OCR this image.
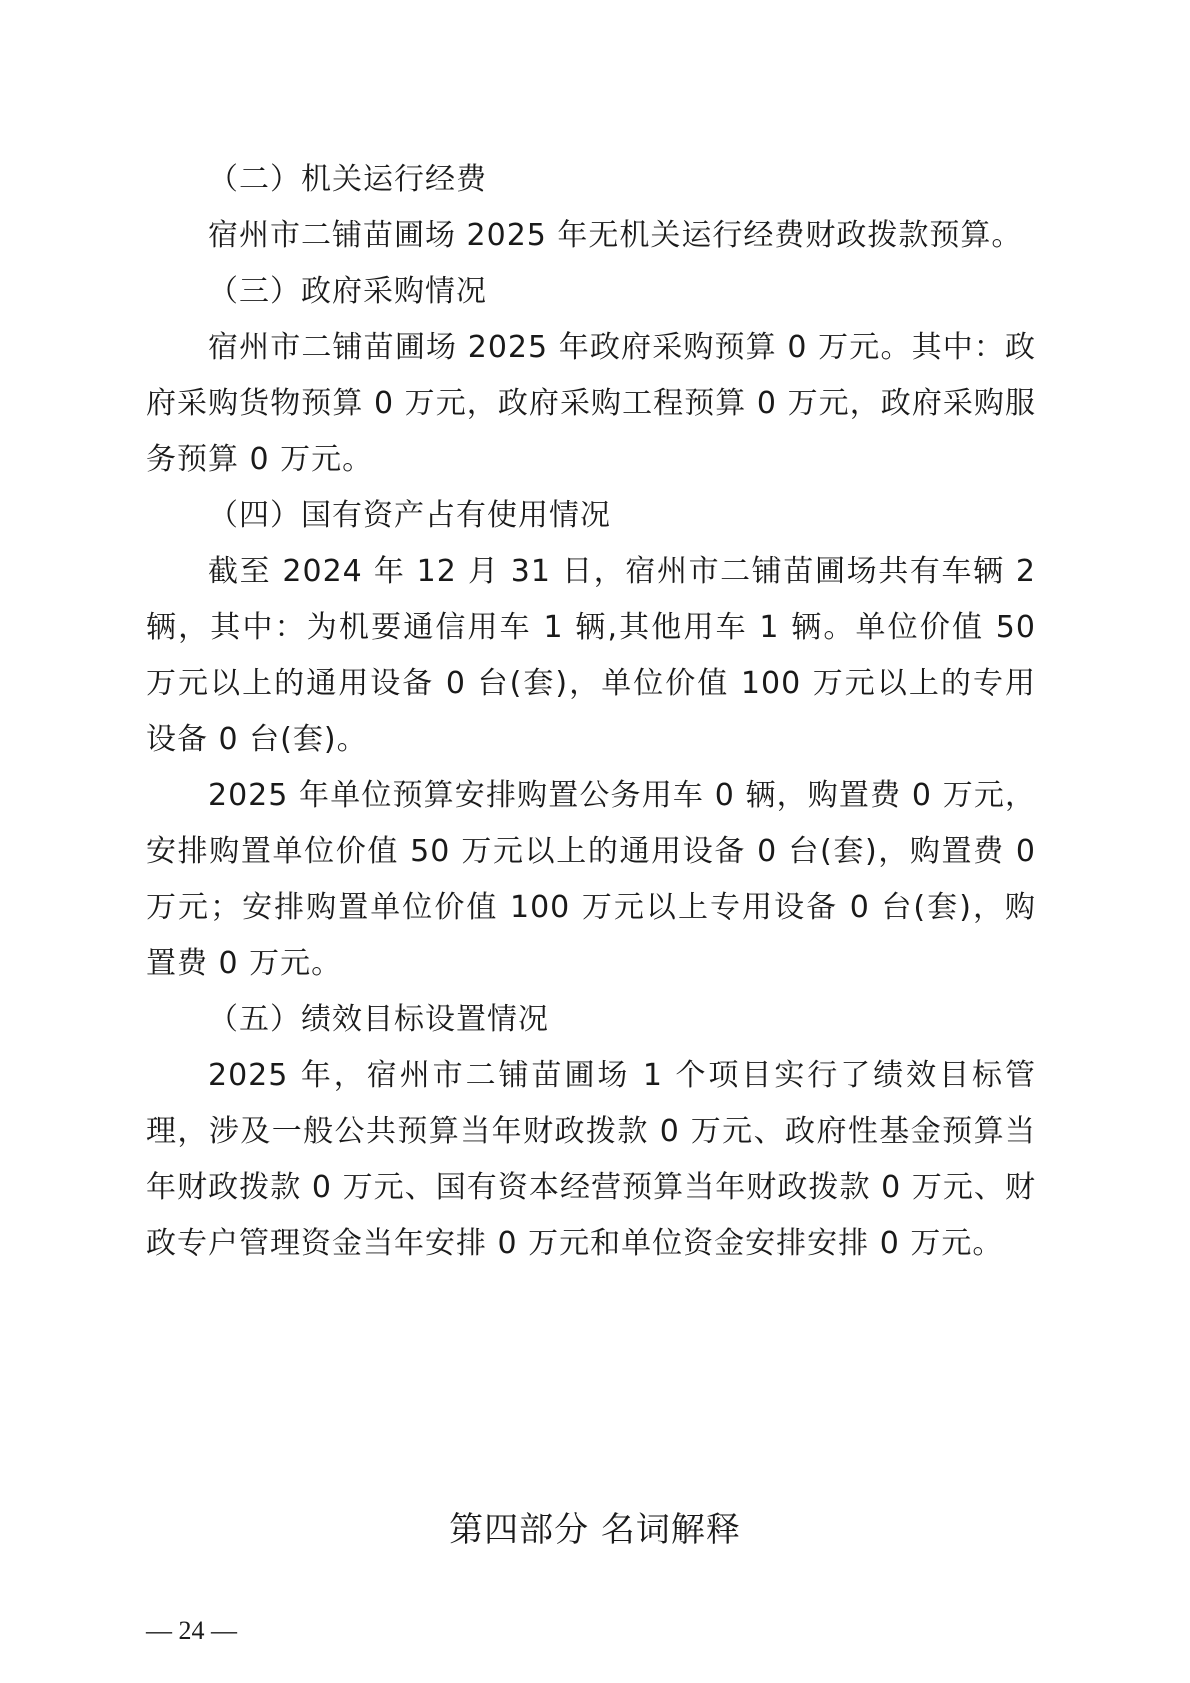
（二）机关运行经费

宿州市二铺苗圃场 2025 年无机关运行经费财政拨款预算。

（三）政府采购情况

宿州市二铺苗圃场 2025 年政府采购预算 0 万元。其中：政府采购货物预算 0 万元，政府采购工程预算 0 万元，政府采购服务预算 0 万元。

（四）国有资产占有使用情况

截至 2024 年 12 月 31 日，宿州市二铺苗圃场共有车辆 2 辆，其中：为机要通信用车 1 辆,其他用车 1 辆。单位价值 50 万元以上的通用设备 0 台(套)，单位价值 100 万元以上的专用设备 0 台(套)。

2025 年单位预算安排购置公务用车 0 辆，购置费 0 万元，安排购置单位价值 50 万元以上的通用设备 0 台(套)，购置费 0 万元；安排购置单位价值 100 万元以上专用设备 0 台(套)，购置费 0 万元。

（五）绩效目标设置情况

2025 年，宿州市二铺苗圃场 1 个项目实行了绩效目标管理，涉及一般公共预算当年财政拨款 0 万元、政府性基金预算当年财政拨款 0 万元、国有资本经营预算当年财政拨款 0 万元、财政专户管理资金当年安排 0 万元和单位资金安排安排 0 万元。

第四部分 名词解释
— 24 —
